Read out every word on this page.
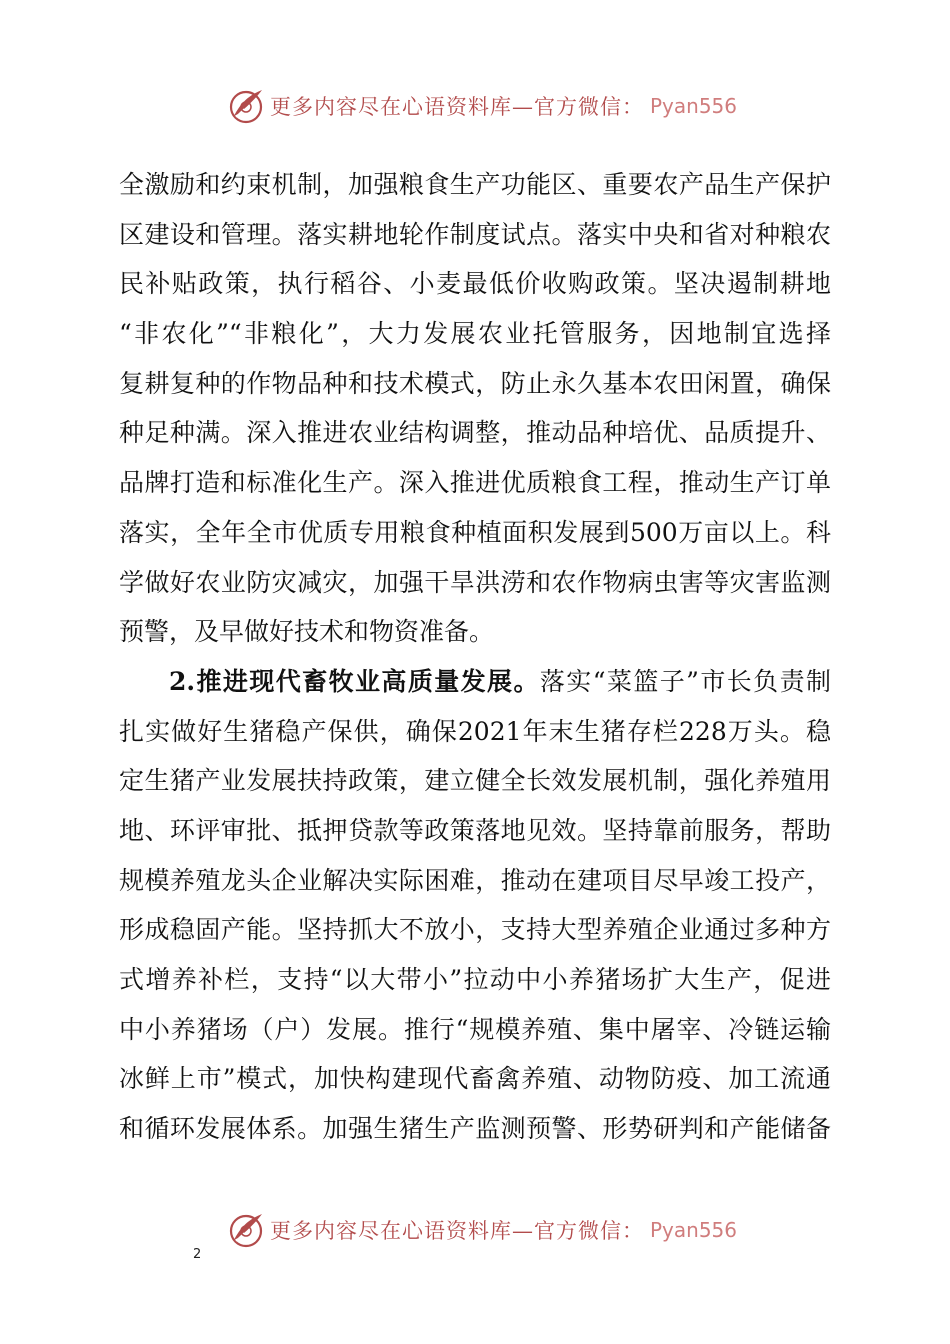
更多内容尽在心语资料库—官方微信： Pyan556
全激励和约束机制，加强粮食生产功能区、重要农产品生产保护
区建设和管理。落实耕地轮作制度试点。落实中央和省对种粮农
民补贴政策，执行稻谷、小麦最低价收购政策。坚决遏制耕地
“非农化”“非粮化”，大力发展农业托管服务，因地制宜选择
复耕复种的作物品种和技术模式，防止永久基本农田闲置，确保
种足种满。深入推进农业结构调整，推动品种培优、品质提升、
品牌打造和标准化生产。深入推进优质粮食工程，推动生产订单
落实，全年全市优质专用粮食种植面积发展到500万亩以上。科
学做好农业防灾减灾，加强干旱洪涝和农作物病虫害等灾害监测
预警，及早做好技术和物资准备。
2.推进现代畜牧业高质量发展。落实“菜篮子”市长负责制
扎实做好生猪稳产保供，确保2021年末生猪存栏228万头。稳
定生猪产业发展扶持政策，建立健全长效发展机制，强化养殖用
地、环评审批、抵押贷款等政策落地见效。坚持靠前服务，帮助
规模养殖龙头企业解决实际困难，推动在建项目尽早竣工投产，
形成稳固产能。坚持抓大不放小，支持大型养殖企业通过多种方
式增养补栏，支持“以大带小”拉动中小养猪场扩大生产，促进
中小养猪场（户）发展。推行“规模养殖、集中屠宰、冷链运输
冰鲜上市”模式，加快构建现代畜禽养殖、动物防疫、加工流通
和循环发展体系。加强生猪生产监测预警、形势研判和产能储备
更多内容尽在心语资料库—官方微信： Pyan556
2
